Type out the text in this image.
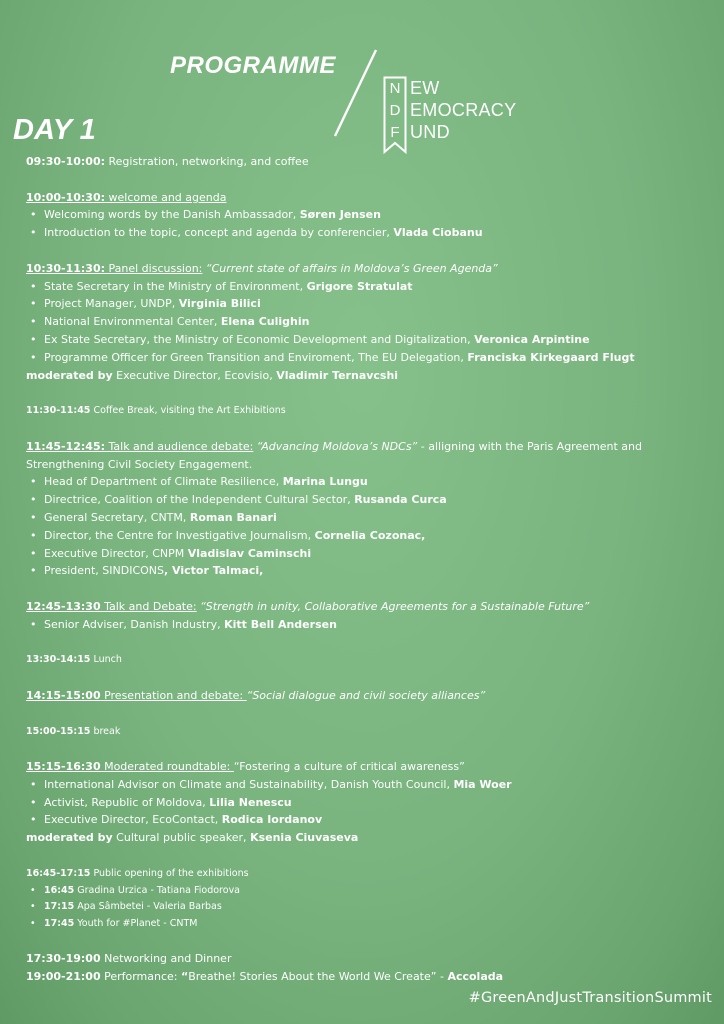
PROGRAMME
N
D
F
EW
EMOCRACY
UND
DAY 1
09:30-10:00: Registration, networking, and coffee
10:00-10:30: welcome and agenda
• Welcoming words by the Danish Ambassador, Søren Jensen
• Introduction to the topic, concept and agenda by conferencier, Vlada Ciobanu
10:30-11:30: Panel discussion: “Current state of affairs in Moldova’s Green Agenda”
• State Secretary in the Ministry of Environment, Grigore Stratulat
• Project Manager, UNDP, Virginia Bilici
• National Environmental Center, Elena Culighin
• Ex State Secretary, the Ministry of Economic Development and Digitalization, Veronica Arpintine
• Programme Officer for Green Transition and Enviroment, The EU Delegation, Franciska Kirkegaard Flugt
moderated by Executive Director, Ecovisio, Vladimir Ternavcshi
11:30-11:45 Coffee Break, visiting the Art Exhibitions
11:45-12:45: Talk and audience debate: “Advancing Moldova’s NDCs” - alligning with the Paris Agreement and Strengthening Civil Society Engagement.
• Head of Department of Climate Resilience, Marina Lungu
• Directrice, Coalition of the Independent Cultural Sector, Rusanda Curca
• General Secretary, CNTM, Roman Banari
• Director, the Centre for Investigative Journalism, Cornelia Cozonac,
• Executive Director, CNPM Vladislav Caminschi
• President, SINDICONS, Victor Talmaci,
12:45-13:30 Talk and Debate: “Strength in unity, Collaborative Agreements for a Sustainable Future”
• Senior Adviser, Danish Industry, Kitt Bell Andersen
13:30-14:15 Lunch
14:15-15:00 Presentation and debate: “Social dialogue and civil society alliances”
15:00-15:15 break
15:15-16:30 Moderated roundtable: “Fostering a culture of critical awareness”
• International Advisor on Climate and Sustainability, Danish Youth Council, Mia Woer
• Activist, Republic of Moldova, Lilia Nenescu
• Executive Director, EcoContact, Rodica Iordanov
moderated by Cultural public speaker, Ksenia Ciuvaseva
16:45-17:15 Public opening of the exhibitions
• 16:45 Gradina Urzica - Tatiana Fiodorova
• 17:15 Apa Sâmbetei - Valeria Barbas
• 17:45 Youth for #Planet - CNTM
17:30-19:00 Networking and Dinner
19:00-21:00 Performance: “Breathe! Stories About the World We Create” - Accolada
#GreenAndJustTransitionSummit
